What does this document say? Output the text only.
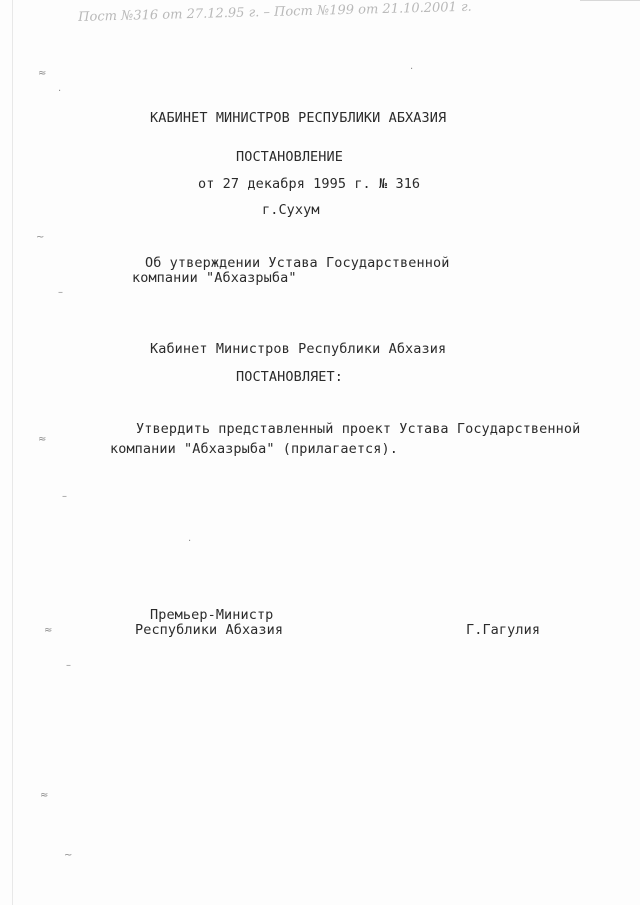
Пост №316 от 27.12.95 г. – Пост №199 от 21.10.2001 г.
КАБИНЕТ МИНИСТРОВ РЕСПУБЛИКИ АБХАЗИЯ
ПОСТАНОВЛЕНИЕ
от 27 декабря 1995 г. № 316
г.Сухум
Об утверждении Устава Государственной
компании "Абхазрыба"
Кабинет Министров Республики Абхазия
ПОСТАНОВЛЯЕТ:
Утвердить представленный проект Устава Государственной
компании "Абхазрыба" (прилагается).
Премьер-Министр
Республики Абхазия	Г.Гагулия
≈
·
~
–
≈
–
·
≈
–
≈
~
·
